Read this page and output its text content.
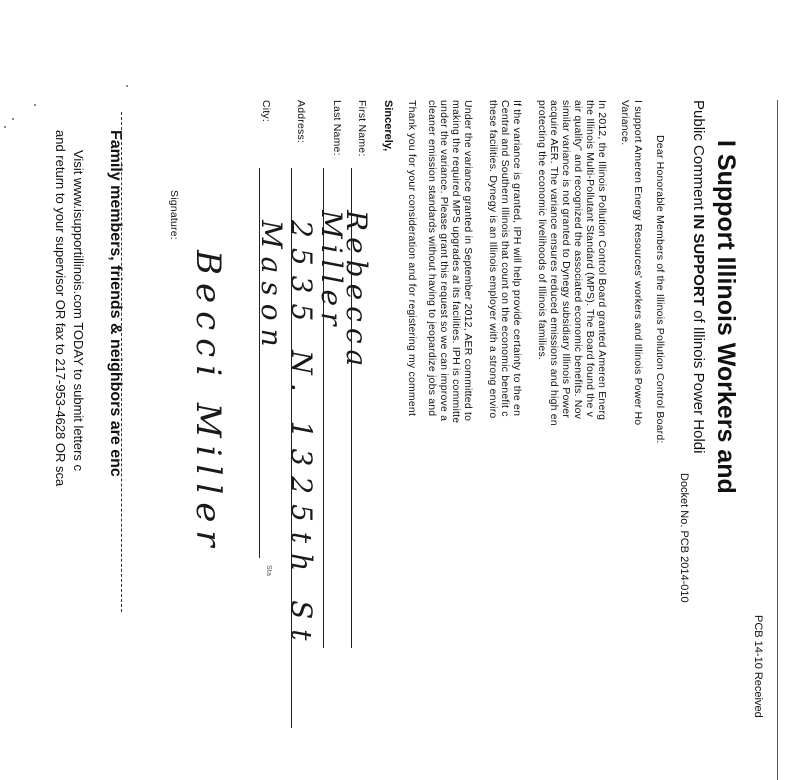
PCB 14-10 Received
I Support Illinois Workers and
Public Comment IN SUPPORT of Illinois Power Holdi
Docket No. PCB 2014-010
Dear Honorable Members of the Illinois Pollution Control Board:
I support Ameren Energy Resources' workers and Illinois Power Ho
Variance.
In 2012, the Illinois Pollution Control Board granted Ameren Energ
the Illinois Multi-Pollutant Standard (MPS). The Board found the v
air quality" and recognized the associated economic benefits. Nov
similar variance is not granted to Dynegy subsidiary Illinois Power
acquire AER. The variance ensures reduced emissions and high en
protecting the economic livelihoods of Illinois families.
If the variance is granted, IPH will help provide certainty to the en
Central and Southern Illinois that count on the economic benefit c
these facilities. Dynegy is an Illinois employer with a strong enviro
Under the variance granted in September 2012, AER committed to
making the required MPS upgrades at its facilities. IPH is committe
under the variance. Please grant this request so we can improve a
cleaner emission standards without having to jeopardize jobs and
Thank you for your consideration and for registering my comment
Sincerely,
First Name:
Rebecca
Last Name:
Miller
Address:
2535 N. 1325th St
City:
Sta
Mason
Signature:
Becci Miller
Family members, friends & neighbors are enc
Visit www.isupportillinois.com TODAY to submit letters c
and return to your supervisor OR fax to 217-953-4628 OR sca
